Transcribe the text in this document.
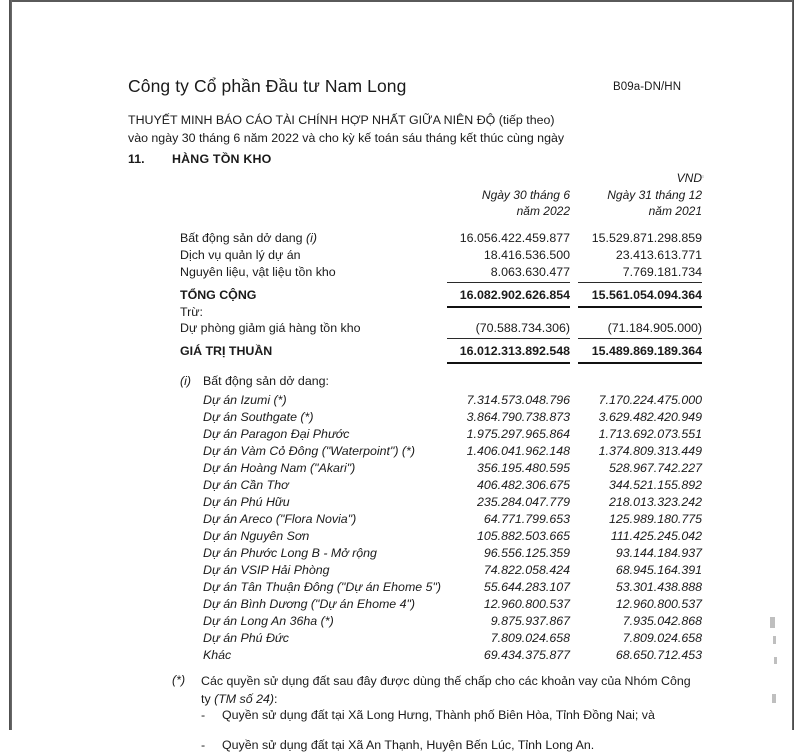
Công ty Cổ phần Đầu tư Nam Long	B09a-DN/HN
THUYẾT MINH BÁO CÁO TÀI CHÍNH HỢP NHẤT GIỮA NIÊN ĐỘ (tiếp theo)
vào ngày 30 tháng 6 năm 2022 và cho kỳ kế toán sáu tháng kết thúc cùng ngày
11. HÀNG TỒN KHO
VND
Ngày 30 tháng 6
năm 2022
Ngày 31 tháng 12
năm 2021
Bất động sản dở dang (i)	16.056.422.459.877	15.529.871.298.859
Dịch vụ quản lý dự án	18.416.536.500	23.413.613.771
Nguyên liệu, vật liệu tồn kho	8.063.630.477	7.769.181.734
TỔNG CỘNG	16.082.902.626.854	15.561.054.094.364
Trừ:
Dự phòng giảm giá hàng tồn kho	(70.588.734.306)	(71.184.905.000)
GIÁ TRỊ THUẦN	16.012.313.892.548	15.489.869.189.364
(i) Bất động sản dở dang:
Dự án Izumi (*)	7.314.573.048.796	7.170.224.475.000
Dự án Southgate (*)	3.864.790.738.873	3.629.482.420.949
Dự án Paragon Đại Phước	1.975.297.965.864	1.713.692.073.551
Dự án Vàm Cỏ Đông ("Waterpoint") (*)	1.406.041.962.148	1.374.809.313.449
Dự án Hoàng Nam ("Akari")	356.195.480.595	528.967.742.227
Dự án Cần Thơ	406.482.306.675	344.521.155.892
Dự án Phú Hữu	235.284.047.779	218.013.323.242
Dự án Areco ("Flora Novia")	64.771.799.653	125.989.180.775
Dự án Nguyên Sơn	105.882.503.665	111.425.245.042
Dự án Phước Long B - Mở rộng	96.556.125.359	93.144.184.937
Dự án VSIP Hải Phòng	74.822.058.424	68.945.164.391
Dự án Tân Thuận Đông ("Dự án Ehome 5")	55.644.283.107	53.301.438.888
Dự án Bình Dương ("Dự án Ehome 4")	12.960.800.537	12.960.800.537
Dự án Long An 36ha (*)	9.875.937.867	7.935.042.868
Dự án Phú Đức	7.809.024.658	7.809.024.658
Khác	69.434.375.877	68.650.712.453
(*) Các quyền sử dụng đất sau đây được dùng thế chấp cho các khoản vay của Nhóm Công
ty (TM số 24):
- Quyền sử dụng đất tại Xã Long Hưng, Thành phố Biên Hòa, Tỉnh Đồng Nai; và
- Quyền sử dụng đất tại Xã An Thạnh, Huyện Bến Lúc, Tỉnh Long An.
